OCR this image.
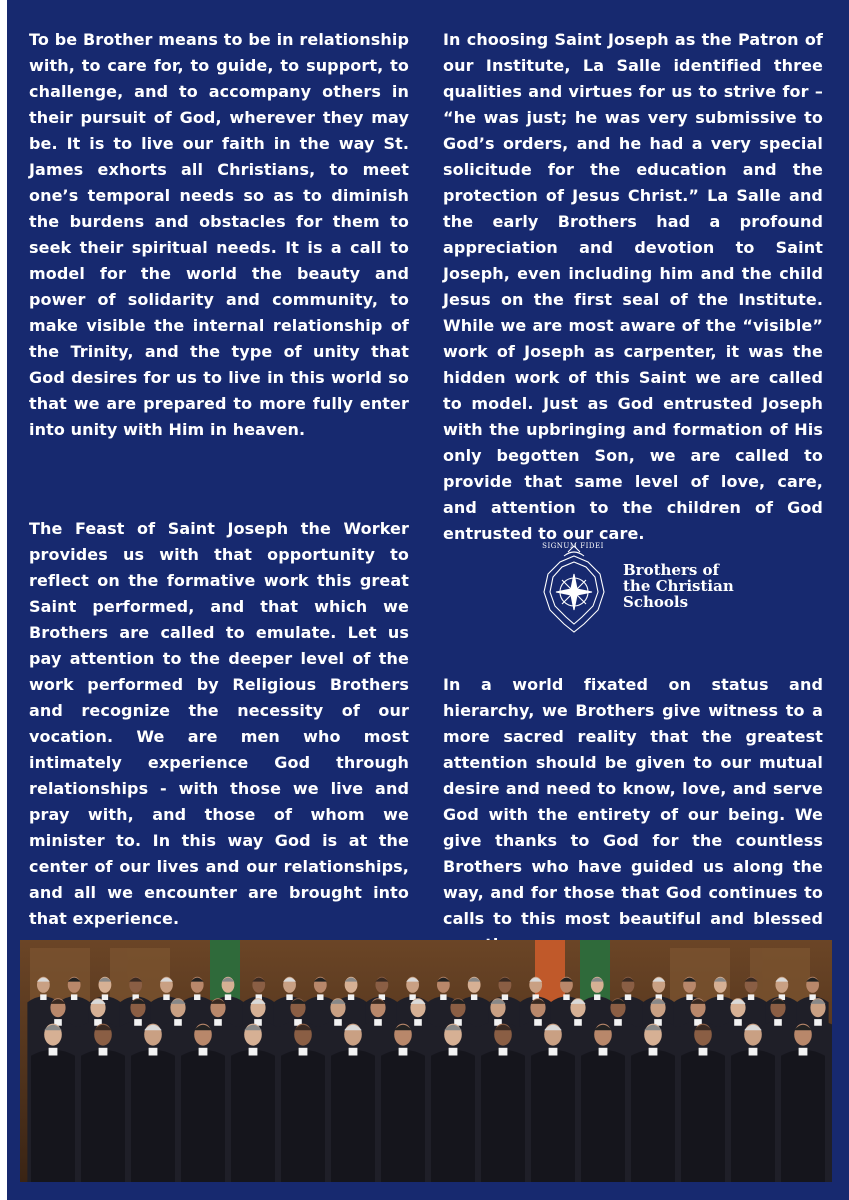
To be Brother means to be in relationship with, to care for, to guide, to support, to challenge, and to accompany others in their pursuit of God, wherever they may be. It is to live our faith in the way St. James exhorts all Christians, to meet one’s temporal needs so as to diminish the burdens and obstacles for them to seek their spiritual needs. It is a call to model for the world the beauty and power of solidarity and community, to make visible the internal relationship of the Trinity, and the type of unity that God desires for us to live in this world so that we are prepared to more fully enter into unity with Him in heaven.

The Feast of Saint Joseph the Worker provides us with that opportunity to reflect on the formative work this great Saint performed, and that which we Brothers are called to emulate. Let us pay attention to the deeper level of the work performed by Religious Brothers and recognize the necessity of our vocation. We are men who most intimately experience God through relationships - with those we live and pray with, and those of whom we minister to. In this way God is at the center of our lives and our relationships, and all we encounter are brought into that experience.

In choosing Saint Joseph as the Patron of our Institute, La Salle identified three qualities and virtues for us to strive for – “he was just; he was very submissive to God’s orders, and he had a very special solicitude for the education and the protection of Jesus Christ.” La Salle and the early Brothers had a profound appreciation and devotion to Saint Joseph, even including him and the child Jesus on the first seal of the Institute. While we are most aware of the “visible” work of Joseph as carpenter, it was the hidden work of this Saint we are called to model. Just as God entrusted Joseph with the upbringing and formation of His only begotten Son, we are called to provide that same level of love, care, and attention to the children of God entrusted to our care.

In a world fixated on status and hierarchy, we Brothers give witness to a more sacred reality that the greatest attention should be given to our mutual desire and need to know, love, and serve God with the entirety of our being. We give thanks to God for the countless Brothers who have guided us along the way, and for those that God continues to calls to this most beautiful and blessed

SIGNUM FIDEI
Brothers of
the Christian
Schools
